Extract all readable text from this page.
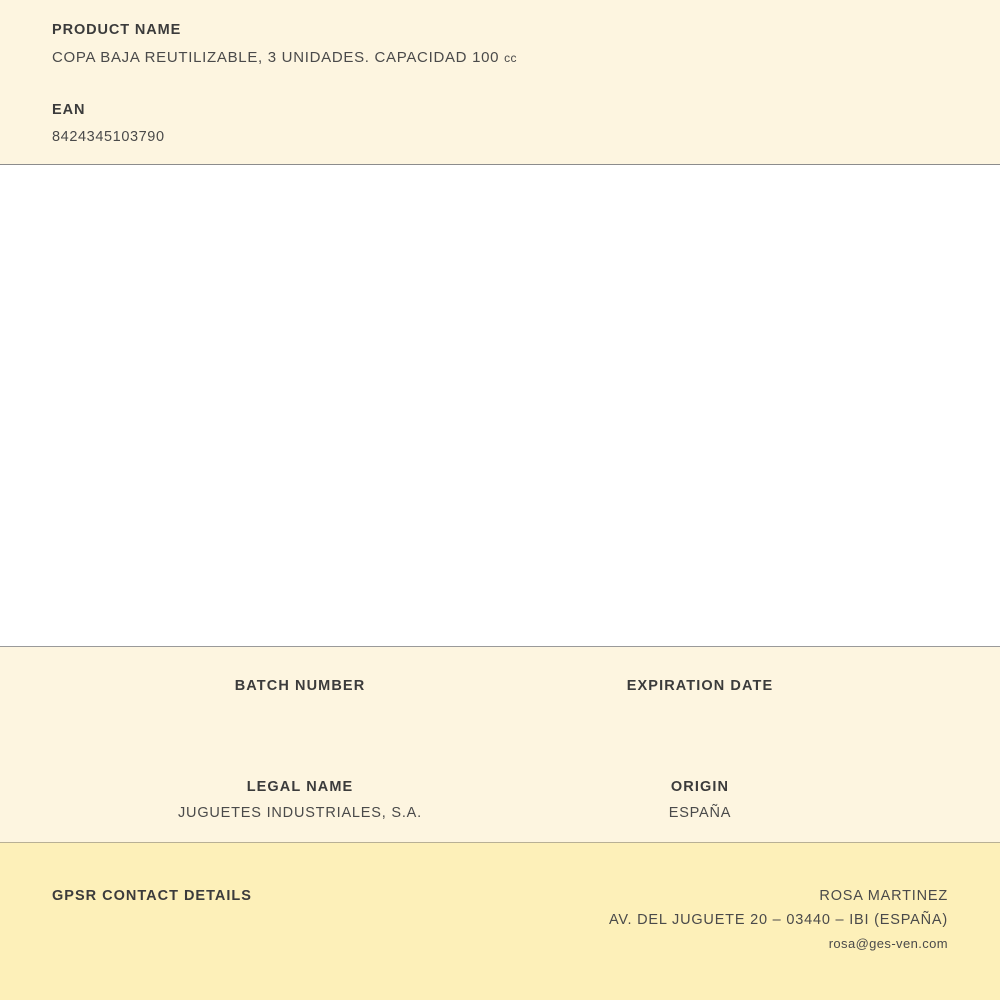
PRODUCT NAME

COPA BAJA REUTILIZABLE, 3 UNIDADES. CAPACIDAD 100 cc

EAN

8424345103790

BATCH NUMBER	EXPIRATION DATE

LEGAL NAME

JUGUETES INDUSTRIALES, S.A.

ORIGIN

ESPAÑA

GPSR CONTACT DETAILS	ROSA MARTINEZ

AV. DEL JUGUETE 20 – 03440 – IBI (ESPAÑA)

rosa@ges-ven.com
